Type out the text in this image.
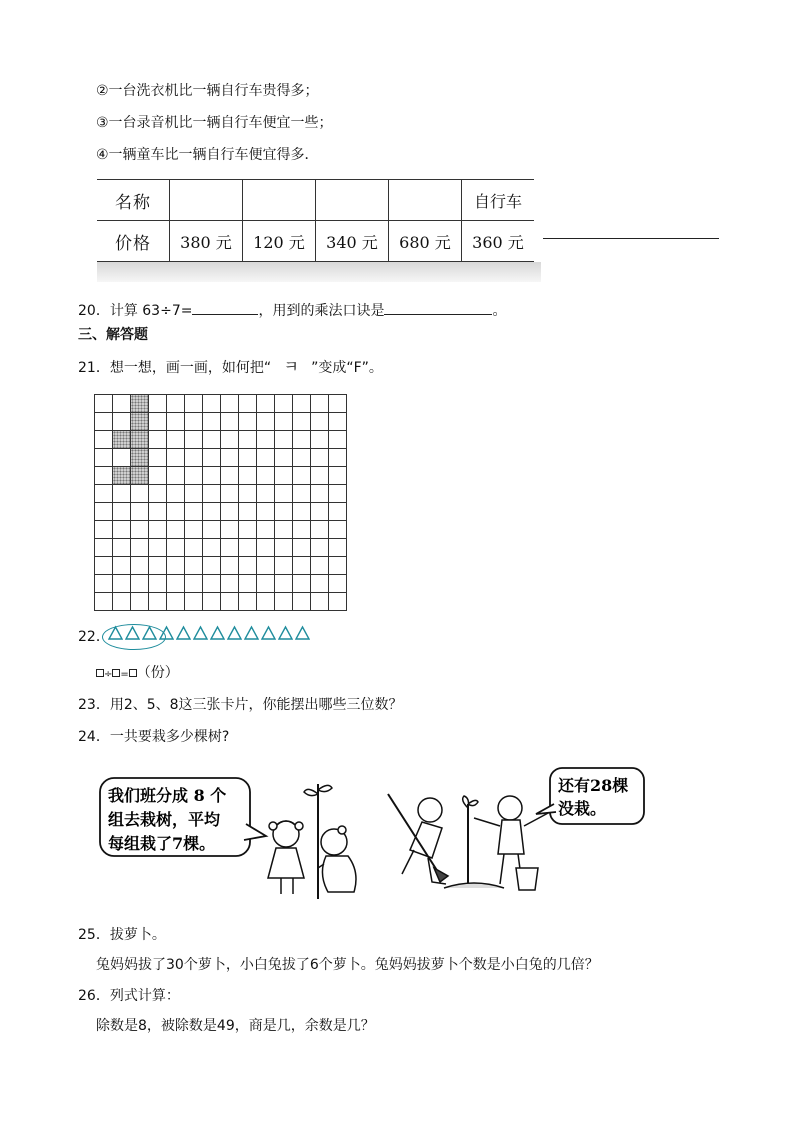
②一台洗衣机比一辆自行车贵得多；
③一台录音机比一辆自行车便宜一些；
④一辆童车比一辆自行车便宜得多．
名称					自行车
价格	380 元	120 元	340 元	680 元	360 元
20．计算 63÷7=	，用到的乘法口诀是	。
三、解答题
21．想一想，画一画，如何把“ ㅋ ”变成“F”。
22．
÷ = （份）
23．用2、5、8这三张卡片，你能摆出哪些三位数？
24．一共要栽多少棵树?
我们班分成 8 个
组去栽树，平均
每组栽了7棵。
还有28棵
没栽。
25．拔萝卜。
兔妈妈拔了30个萝卜，小白兔拔了6个萝卜。兔妈妈拔萝卜个数是小白兔的几倍？
26．列式计算：
除数是8，被除数是49，商是几，余数是几？
